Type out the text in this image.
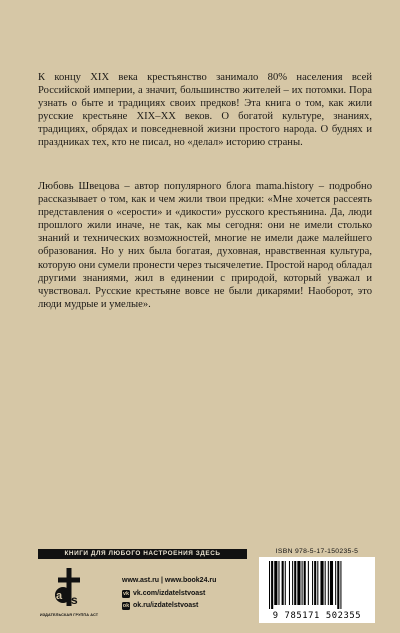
К концу XIX века крестьянство занимало 80% населения всей Российской империи, а значит, большинство жителей – их потомки. Пора узнать о быте и традициях своих предков! Эта книга о том, как жили русские крестьяне XIX–XX веков. О богатой культуре, знаниях, традициях, обрядах и повседневной жизни простого народа. О буднях и праздниках тех, кто не писал, но «делал» историю страны.
Любовь Швецова – автор популярного блога mama.history – подробно рассказывает о том, как и чем жили твои предки: «Мне хочется рассеять представления о «серости» и «дикости» русского крестьянина. Да, люди прошлого жили иначе, не так, как мы сегодня: они не имели столько знаний и технических возможностей, многие не имели даже малейшего образования. Но у них была богатая, духовная, нравственная культура, которую они сумели пронести через тысячелетие. Простой народ обладал другими знаниями, жил в единении с природой, который уважал и чувствовал. Русские крестьяне вовсе не были дикарями! Наоборот, это люди мудрые и умелые».
КНИГИ ДЛЯ ЛЮБОГО НАСТРОЕНИЯ ЗДЕСЬ
a s
ИЗДАТЕЛЬСКАЯ ГРУППА АСТ
www.ast.ru | www.book24.ru
vk vk.com/izdatelstvoast
ok ok.ru/izdatelstvoast
ISBN 978-5-17-150235-5
9 785171 502355
